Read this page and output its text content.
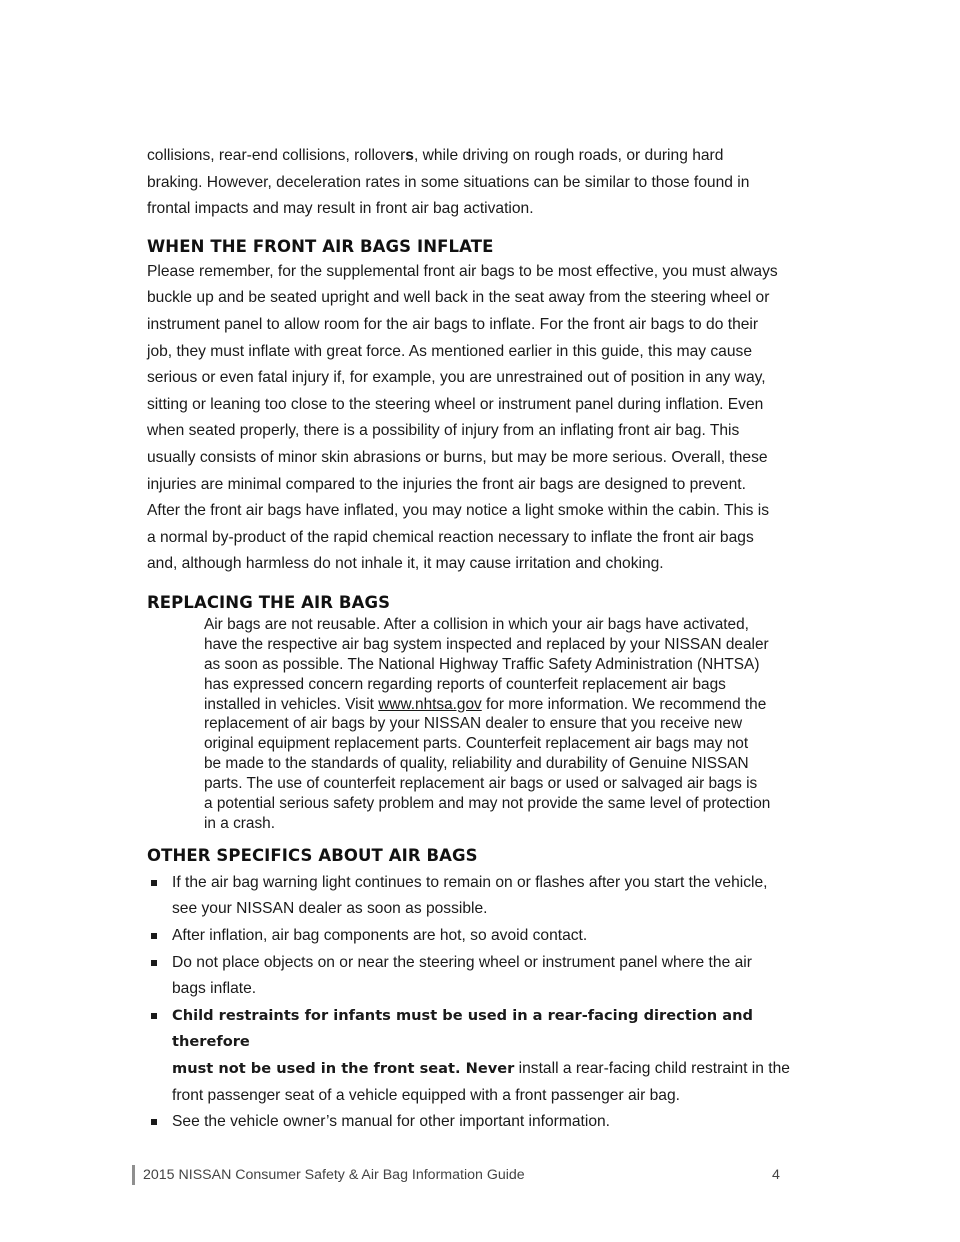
collisions, rear-end collisions, rollovers, while driving on rough roads, or during hard
braking. However, deceleration rates in some situations can be similar to those found in
frontal impacts and may result in front air bag activation.

WHEN THE FRONT AIR BAGS INFLATE

Please remember, for the supplemental front air bags to be most effective, you must always
buckle up and be seated upright and well back in the seat away from the steering wheel or
instrument panel to allow room for the air bags to inflate. For the front air bags to do their
job, they must inflate with great force. As mentioned earlier in this guide, this may cause
serious or even fatal injury if, for example, you are unrestrained out of position in any way,
sitting or leaning too close to the steering wheel or instrument panel during inflation. Even
when seated properly, there is a possibility of injury from an inflating front air bag. This
usually consists of minor skin abrasions or burns, but may be more serious. Overall, these
injuries are minimal compared to the injuries the front air bags are designed to prevent.
After the front air bags have inflated, you may notice a light smoke within the cabin. This is
a normal by-product of the rapid chemical reaction necessary to inflate the front air bags
and, although harmless do not inhale it, it may cause irritation and choking.

REPLACING THE AIR BAGS

Air bags are not reusable. After a collision in which your air bags have activated,
have the respective air bag system inspected and replaced by your NISSAN dealer
as soon as possible. The National Highway Traffic Safety Administration (NHTSA)
has expressed concern regarding reports of counterfeit replacement air bags
installed in vehicles. Visit www.nhtsa.gov for more information. We recommend the
replacement of air bags by your NISSAN dealer to ensure that you receive new
original equipment replacement parts. Counterfeit replacement air bags may not
be made to the standards of quality, reliability and durability of Genuine NISSAN
parts. The use of counterfeit replacement air bags or used or salvaged air bags is
a potential serious safety problem and may not provide the same level of protection
in a crash.

OTHER SPECIFICS ABOUT AIR BAGS
If the air bag warning light continues to remain on or flashes after you start the vehicle,
see your NISSAN dealer as soon as possible.
After inflation, air bag components are hot, so avoid contact.
Do not place objects on or near the steering wheel or instrument panel where the air
bags inflate.
Child restraints for infants must be used in a rear-facing direction and therefore
must not be used in the front seat. Never install a rear-facing child restraint in the
front passenger seat of a vehicle equipped with a front passenger air bag.
See the vehicle owner’s manual for other important information.
2015 NISSAN Consumer Safety & Air Bag Information Guide	4
